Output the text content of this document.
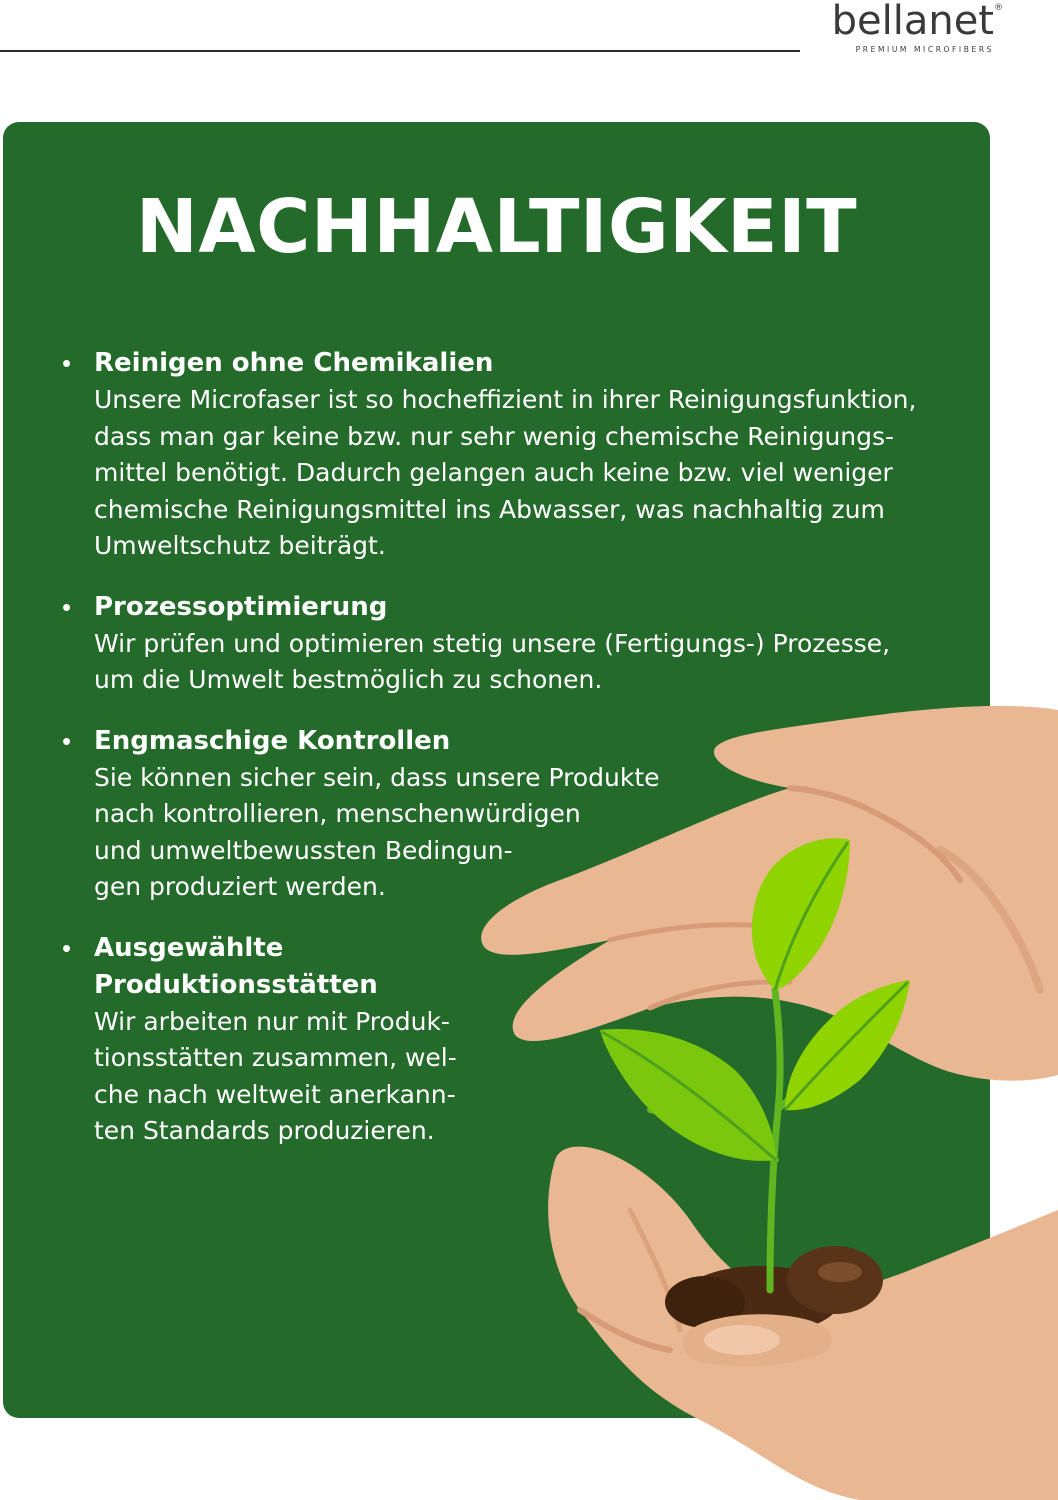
bellanet ®
PREMIUM MICROFIBERS
NACHHALTIGKEIT
• Reinigen ohne Chemikalien
Unsere Microfaser ist so hocheffizient in ihrer Reinigungsfunktion,
dass man gar keine bzw. nur sehr wenig chemische Reinigungs-
mittel benötigt. Dadurch gelangen auch keine bzw. viel weniger
chemische Reinigungsmittel ins Abwasser, was nachhaltig zum
Umweltschutz beiträgt.
• Prozessoptimierung
Wir prüfen und optimieren stetig unsere (Fertigungs-) Prozesse,
um die Umwelt bestmöglich zu schonen.
• Engmaschige Kontrollen
Sie können sicher sein, dass unsere Produkte
nach kontrollieren, menschenwürdigen
und umweltbewussten Bedingun-
gen produziert werden.
• Ausgewählte
Produktionsstätten
Wir arbeiten nur mit Produk-
tionsstätten zusammen, wel-
che nach weltweit anerkann-
ten Standards produzieren.
